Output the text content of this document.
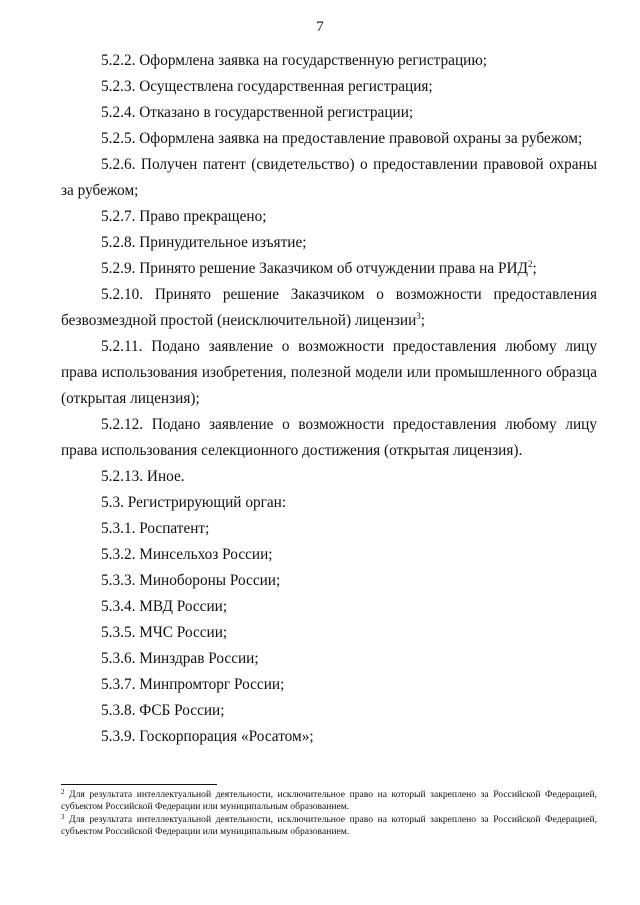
7

5.2.2. Оформлена заявка на государственную регистрацию;

5.2.3. Осуществлена государственная регистрация;

5.2.4. Отказано в государственной регистрации;

5.2.5. Оформлена заявка на предоставление правовой охраны за рубежом;

5.2.6. Получен патент (свидетельство) о предоставлении правовой охраны за рубежом;

5.2.7. Право прекращено;

5.2.8. Принудительное изъятие;

5.2.9. Принято решение Заказчиком об отчуждении права на РИД$^2$;

5.2.10. Принято решение Заказчиком о возможности предоставления безвозмездной простой (неисключительной) лицензии$^3$;

5.2.11. Подано заявление о возможности предоставления любому лицу права использования изобретения, полезной модели или промышленного образца (открытая лицензия);

5.2.12. Подано заявление о возможности предоставления любому лицу права использования селекционного достижения (открытая лицензия).

5.2.13. Иное.

5.3. Регистрирующий орган:

5.3.1. Роспатент;

5.3.2. Минсельхоз России;

5.3.3. Минобороны России;

5.3.4. МВД России;

5.3.5. МЧС России;

5.3.6. Минздрав России;

5.3.7. Минпромторг России;

5.3.8. ФСБ России;

5.3.9. Госкорпорация «Росатом»;

$^2$ Для результата интеллектуальной деятельности, исключительное право на который закреплено за Российской Федерацией, субъектом Российской Федерации или муниципальным образованием.

$^3$ Для результата интеллектуальной деятельности, исключительное право на который закреплено за Российской Федерацией, субъектом Российской Федерации или муниципальным образованием.
